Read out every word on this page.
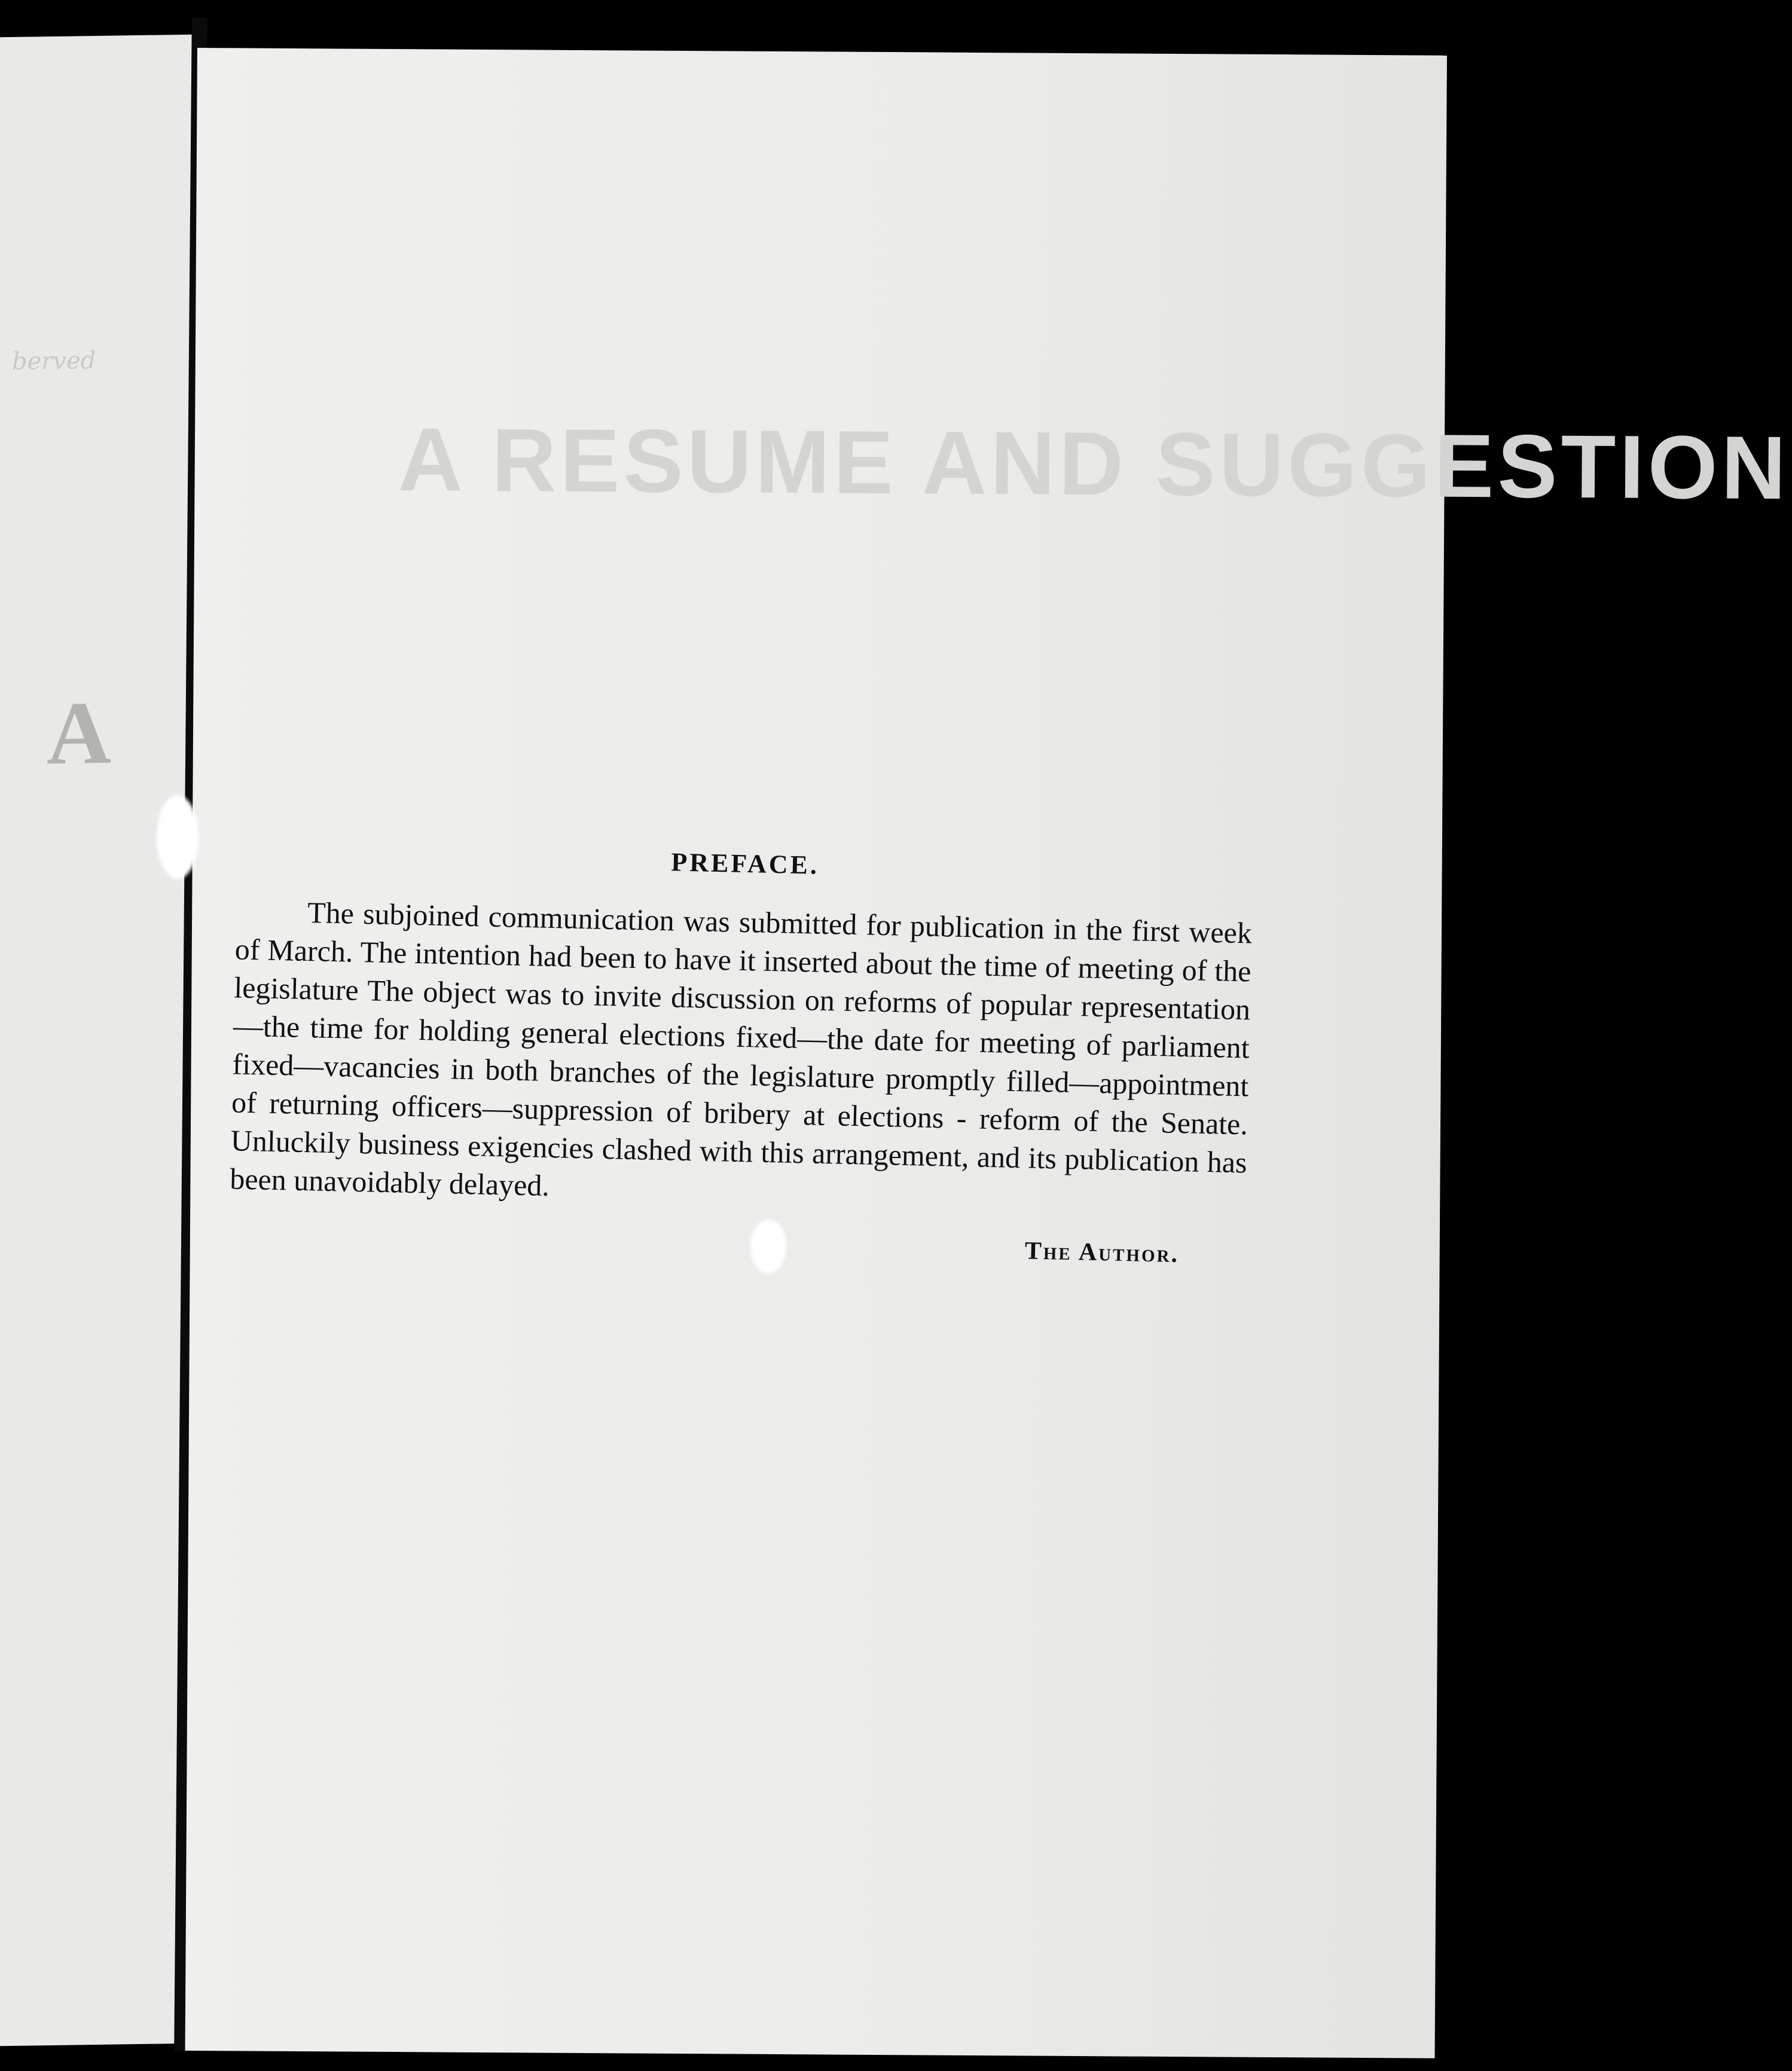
berved
A
A RESUME AND SUGGESTION
PREFACE.

The subjoined communication was submitted for publication in the first week of March. The intention had been to have it inserted about the time of meeting of the legislature The object was to invite discussion on reforms of popular representation—the time for holding general elections fixed—the date for meeting of parliament fixed—vacancies in both branches of the legislature promptly filled—appointment of returning officers—suppression of bribery at elections - reform of the Senate. Unluckily business exigencies clashed with this arrangement, and its publication has been unavoidably delayed.

The Author.
